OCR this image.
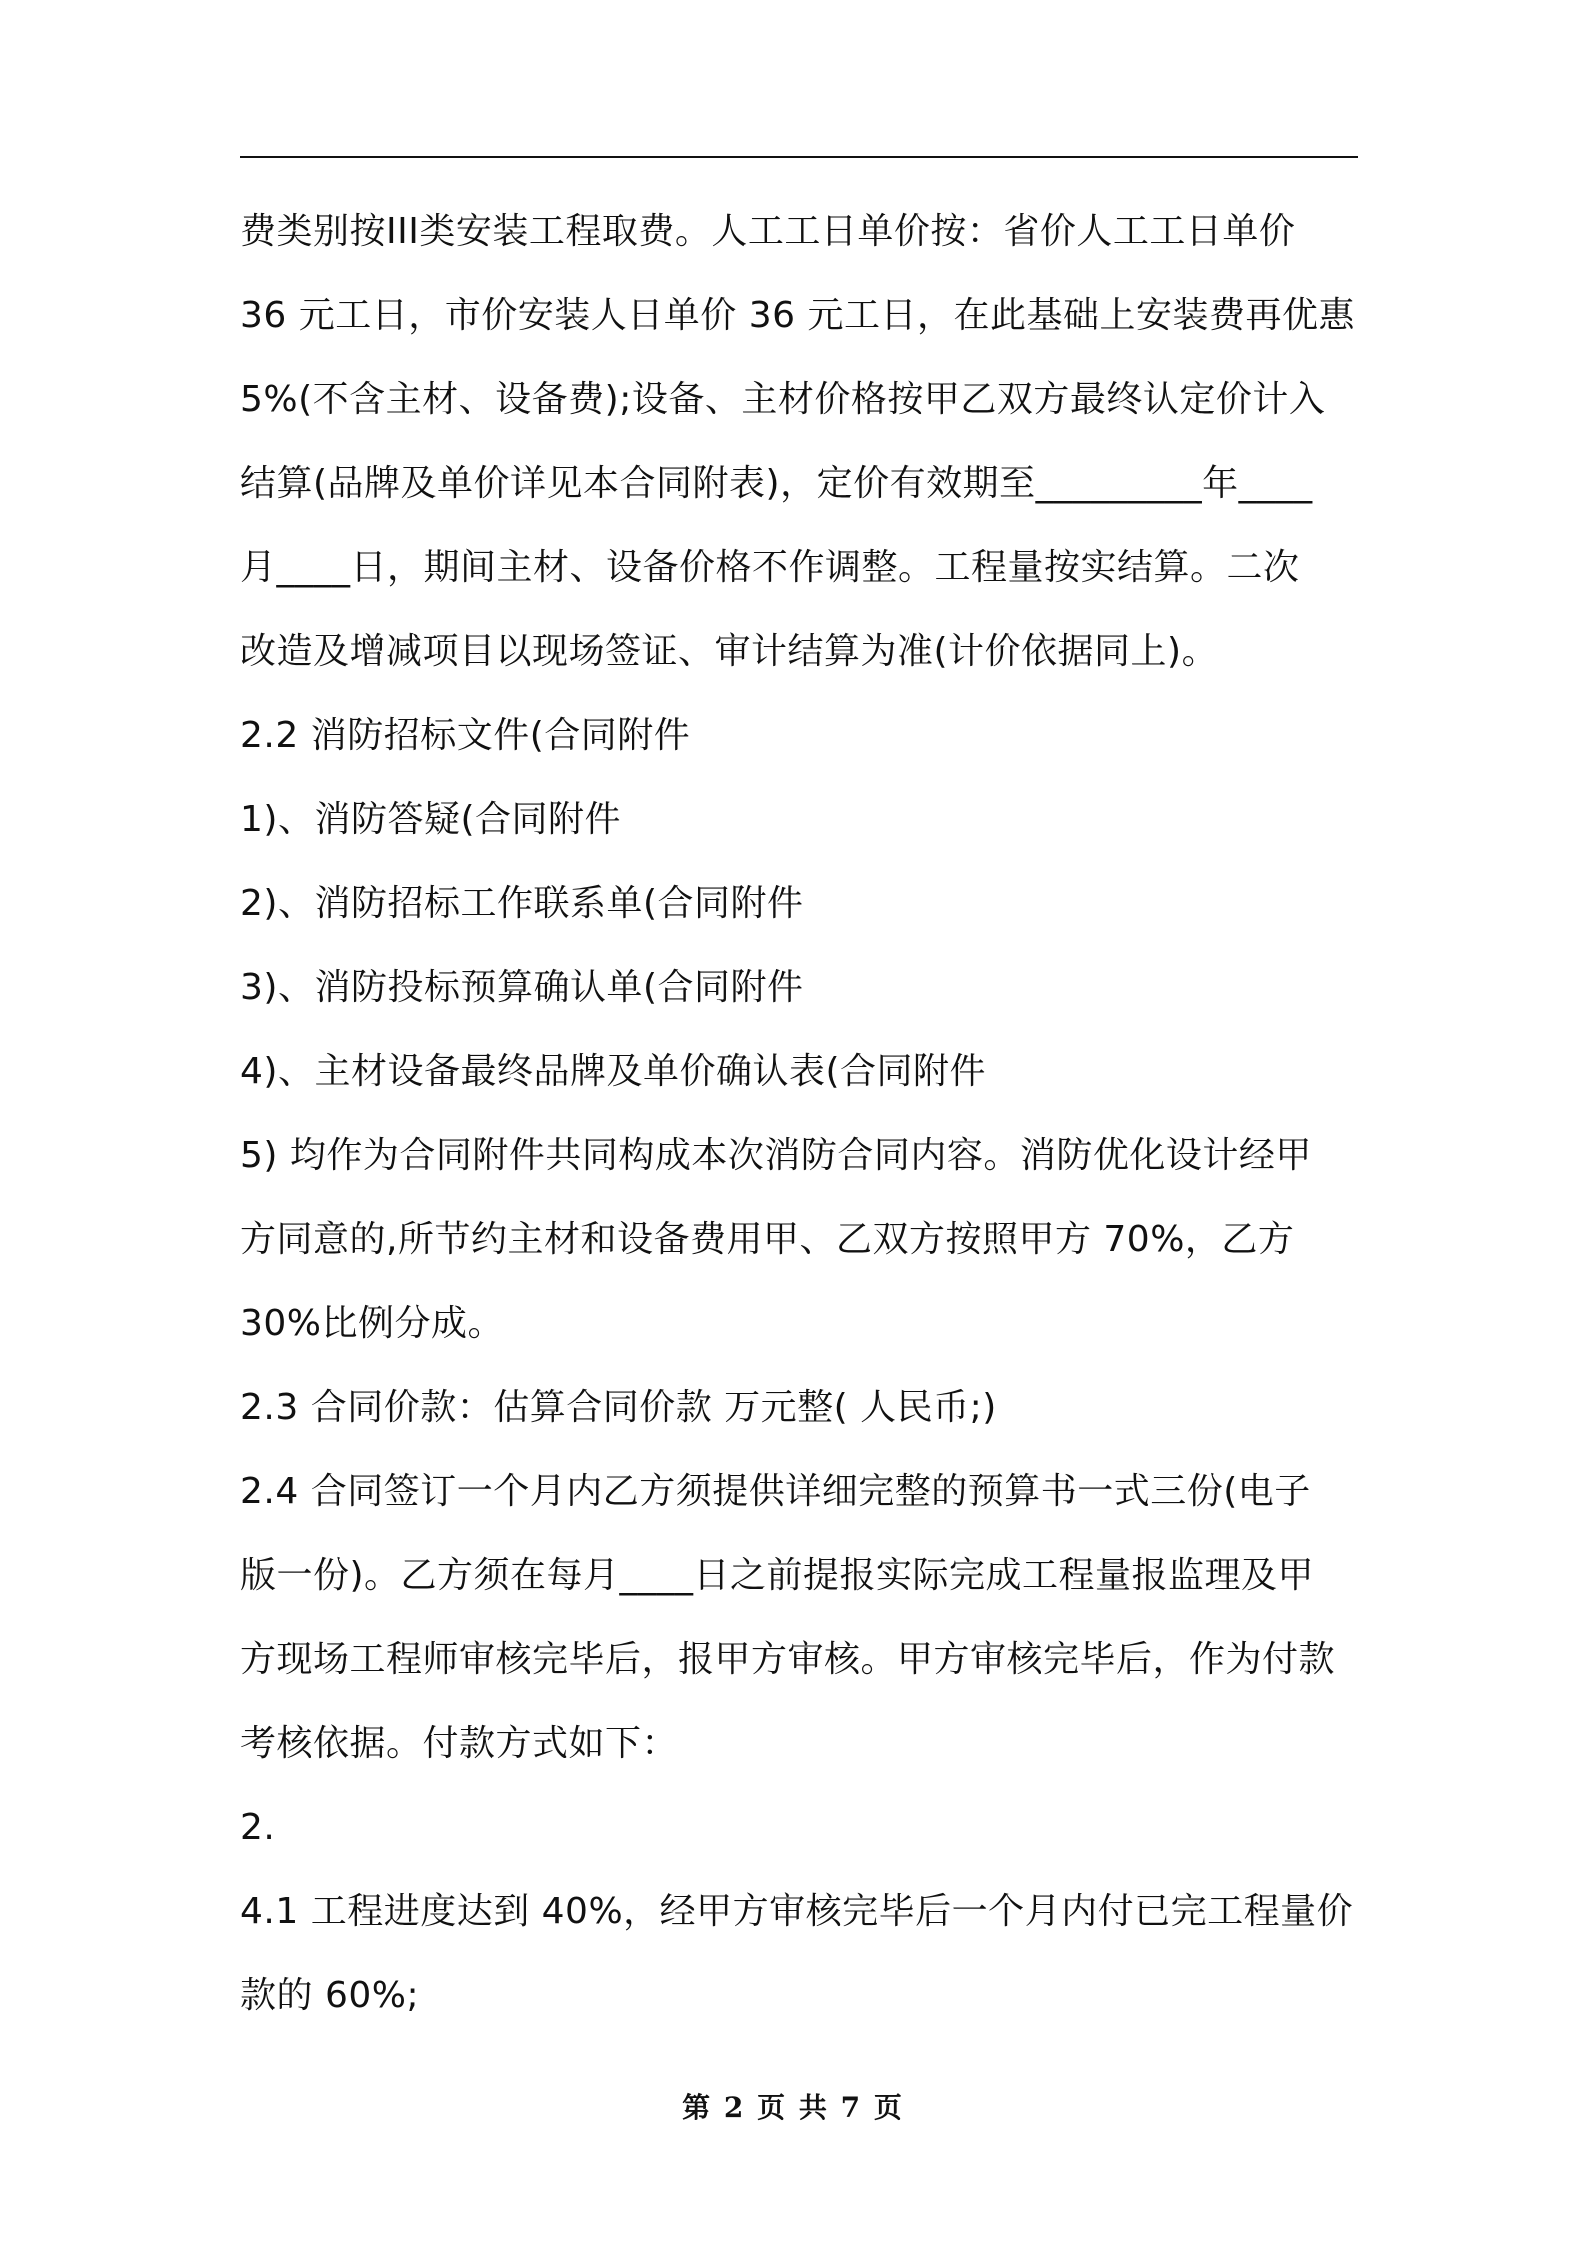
费类别按III类安装工程取费。人工工日单价按：省价人工工日单价
36 元工日，市价安装人日单价 36 元工日，在此基础上安装费再优惠
5%(不含主材、设备费);设备、主材价格按甲乙双方最终认定价计入
结算(品牌及单价详见本合同附表)，定价有效期至_________年____
月____日，期间主材、设备价格不作调整。工程量按实结算。二次
改造及增减项目以现场签证、审计结算为准(计价依据同上)。
2.2 消防招标文件(合同附件
1)、消防答疑(合同附件
2)、消防招标工作联系单(合同附件
3)、消防投标预算确认单(合同附件
4)、主材设备最终品牌及单价确认表(合同附件
5) 均作为合同附件共同构成本次消防合同内容。消防优化设计经甲
方同意的,所节约主材和设备费用甲、乙双方按照甲方 70%，乙方
30%比例分成。
2.3 合同价款：估算合同价款 万元整( 人民币;)
2.4 合同签订一个月内乙方须提供详细完整的预算书一式三份(电子
版一份)。乙方须在每月____日之前提报实际完成工程量报监理及甲
方现场工程师审核完毕后，报甲方审核。甲方审核完毕后，作为付款
考核依据。付款方式如下：
2.
4.1 工程进度达到 40%，经甲方审核完毕后一个月内付已完工程量价
款的 60%;
第 2 页 共 7 页
